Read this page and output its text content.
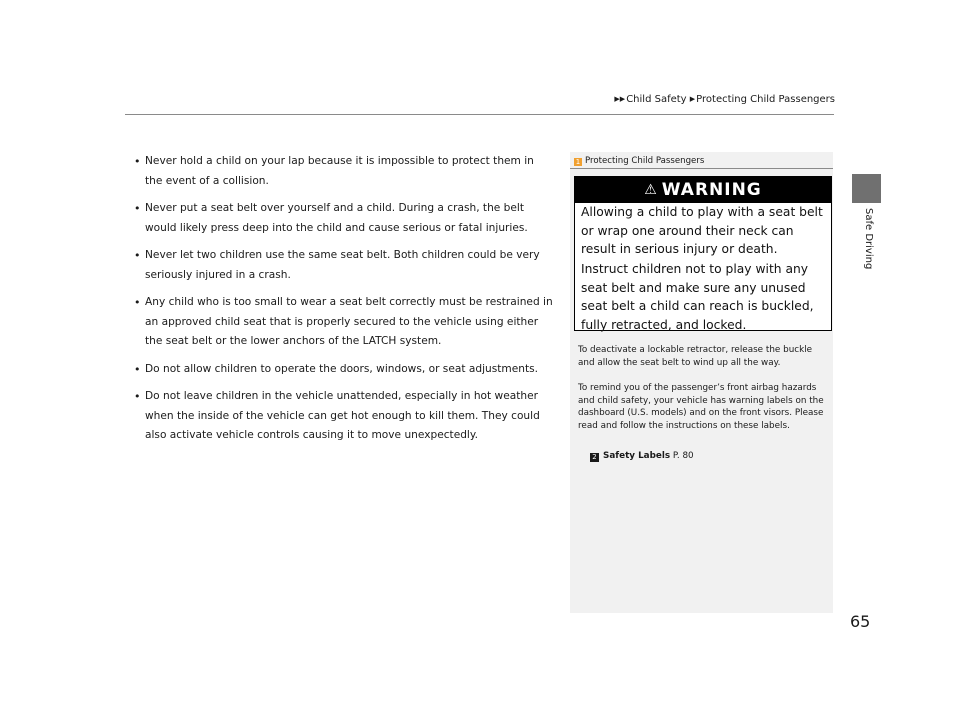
▶▶Child Safety ▶Protecting Child Passengers
Safe Driving
• Never hold a child on your lap because it is impossible to protect them in the event of a collision.
• Never put a seat belt over yourself and a child. During a crash, the belt would likely press deep into the child and cause serious or fatal injuries.
• Never let two children use the same seat belt. Both children could be very seriously injured in a crash.
• Any child who is too small to wear a seat belt correctly must be restrained in an approved child seat that is properly secured to the vehicle using either the seat belt or the lower anchors of the LATCH system.
• Do not allow children to operate the doors, windows, or seat adjustments.
• Do not leave children in the vehicle unattended, especially in hot weather when the inside of the vehicle can get hot enough to kill them. They could also activate vehicle controls causing it to move unexpectedly.
1 Protecting Child Passengers
⚠ WARNING
Allowing a child to play with a seat belt or wrap one around their neck can result in serious injury or death.
Instruct children not to play with any seat belt and make sure any unused seat belt a child can reach is buckled, fully retracted, and locked.
To deactivate a lockable retractor, release the buckle and allow the seat belt to wind up all the way.
To remind you of the passenger’s front airbag hazards and child safety, your vehicle has warning labels on the dashboard (U.S. models) and on the front visors. Please read and follow the instructions on these labels.
2 Safety Labels P. 80
65
